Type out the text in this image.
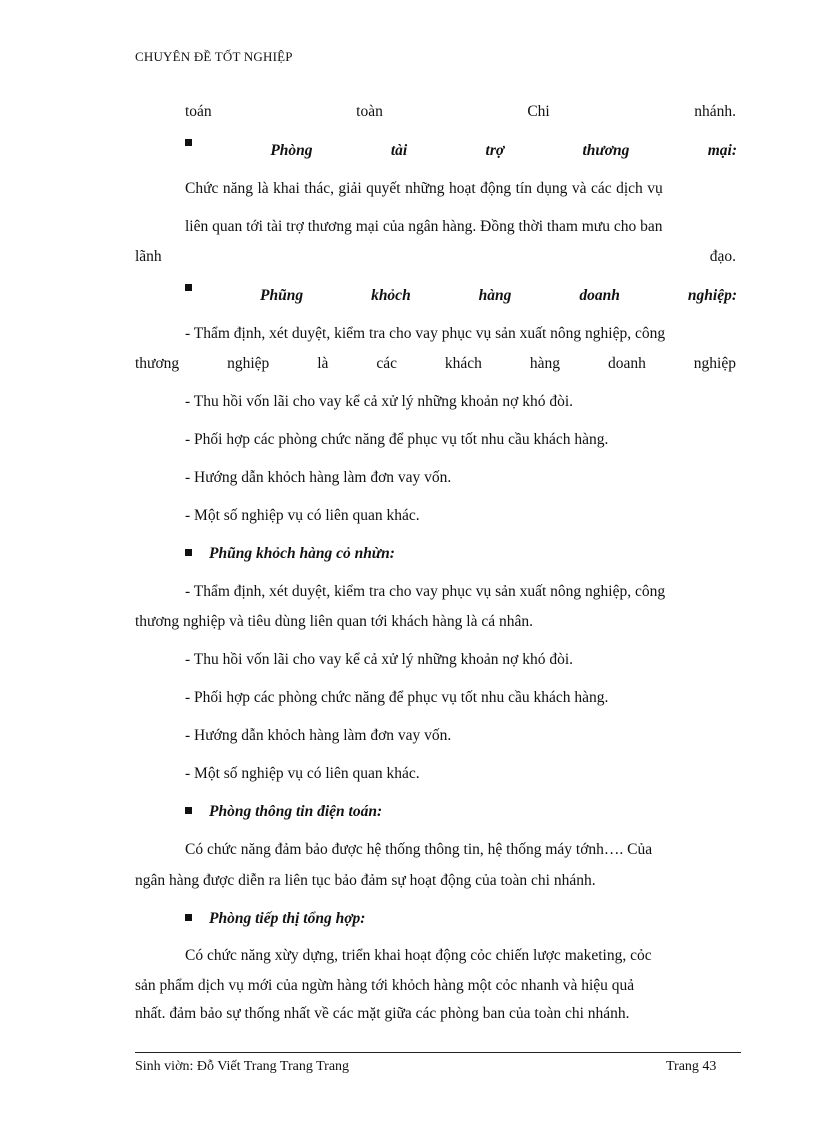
CHUYÊN ĐỀ TỐT NGHIỆP
toán	toàn	Chi	nhánh.
Phòng	tài	trợ	thương	mại:
Chức năng là khai thác, giải quyết những hoạt động tín dụng và các dịch vụ
liên quan tới tài trợ thương mại của ngân hàng. Đồng thời tham mưu cho ban
lãnh	đạo.
Phũng	khỏch	hàng	doanh	nghiệp:
- Thẩm định, xét duyệt, kiểm tra cho vay phục vụ sản xuất nông nghiệp, công
thương	nghiệp	là	các	khách	hàng	doanh	nghiệp
- Thu hồi vốn lãi cho vay kể cả xử lý những khoản nợ khó đòi.
- Phối hợp các phòng chức năng để phục vụ tốt nhu cầu khách hàng.
- Hướng dẫn khỏch hàng làm đơn vay vốn.
- Một số nghiệp vụ có liên quan khác.
Phũng khỏch hàng cỏ nhừn:
- Thẩm định, xét duyệt, kiểm tra cho vay phục vụ sản xuất nông nghiệp, công
thương nghiệp và tiêu dùng liên quan tới khách hàng là cá nhân.
- Thu hồi vốn lãi cho vay kể cả xử lý những khoản nợ khó đòi.
- Phối hợp các phòng chức năng để phục vụ tốt nhu cầu khách hàng.
- Hướng dẫn khỏch hàng làm đơn vay vốn.
- Một số nghiệp vụ có liên quan khác.
Phòng thông tin điện toán:
Có chức năng đảm bảo được hệ thống thông tin, hệ thống máy tớnh…. Của
ngân hàng được diễn ra liên tục bảo đảm sự hoạt động của toàn chi nhánh.
Phòng tiếp thị tổng hợp:
Có chức năng xừy dựng, triển khai hoạt động cỏc chiến lược maketing, cỏc
sản phẩm dịch vụ mới của ngừn hàng tới khỏch hàng một cỏc nhanh và hiệu quả
nhất. đảm bảo sự thống nhất về các mặt giữa các phòng ban của toàn chi nhánh.
Sinh viờn: Đỗ Viết Trang Trang Trang	Trang 43
